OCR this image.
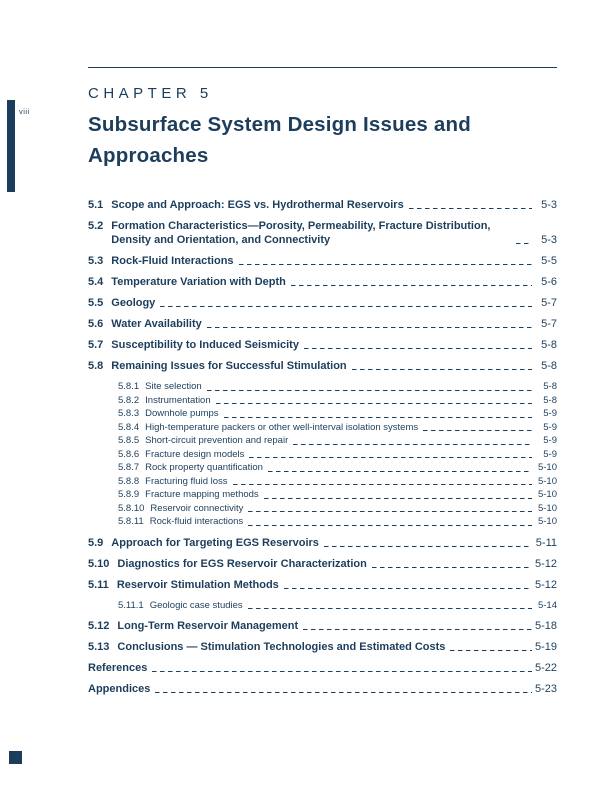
viii
CHAPTER 5
Subsurface System Design Issues and
Approaches
5.1 Scope and Approach: EGS vs. Hydrothermal Reservoirs	5-3
5.2 Formation Characteristics—Porosity, Permeability, Fracture Distribution, Density and Orientation, and Connectivity	5-3
5.3 Rock-Fluid Interactions	5-5
5.4 Temperature Variation with Depth	5-6
5.5 Geology	5-7
5.6 Water Availability	5-7
5.7 Susceptibility to Induced Seismicity	5-8
5.8 Remaining Issues for Successful Stimulation	5-8
5.8.1 Site selection	5-8
5.8.2 Instrumentation	5-8
5.8.3 Downhole pumps	5-9
5.8.4 High-temperature packers or other well-interval isolation systems	5-9
5.8.5 Short-circuit prevention and repair	5-9
5.8.6 Fracture design models	5-9
5.8.7 Rock property quantification	5-10
5.8.8 Fracturing fluid loss	5-10
5.8.9 Fracture mapping methods	5-10
5.8.10 Reservoir connectivity	5-10
5.8.11 Rock-fluid interactions	5-10
5.9 Approach for Targeting EGS Reservoirs	5-11
5.10 Diagnostics for EGS Reservoir Characterization	5-12
5.11 Reservoir Stimulation Methods	5-12
5.11.1 Geologic case studies	5-14
5.12 Long-Term Reservoir Management	5-18
5.13 Conclusions — Stimulation Technologies and Estimated Costs	5-19
References	5-22
Appendices	5-23
